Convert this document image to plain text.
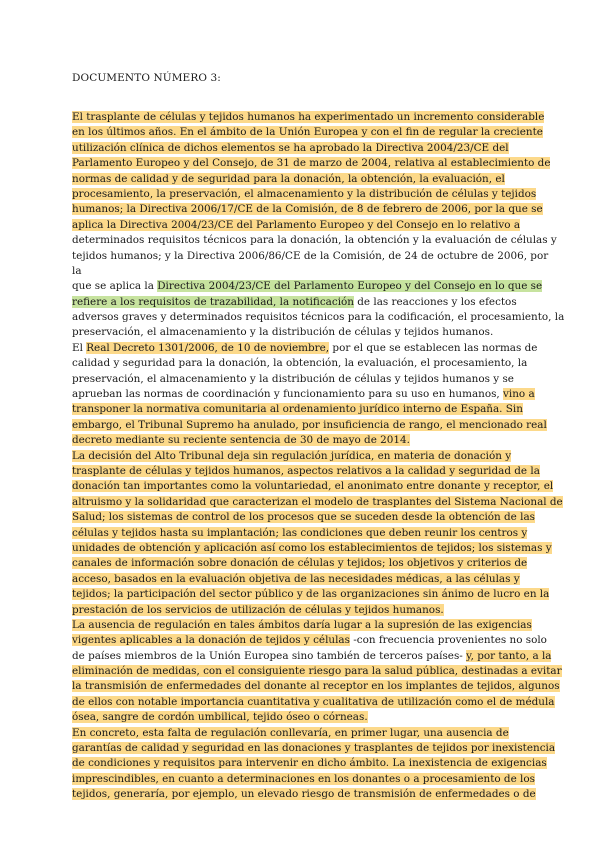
DOCUMENTO NÚMERO 3:
El trasplante de células y tejidos humanos ha experimentado un incremento considerable
en los últimos años. En el ámbito de la Unión Europea y con el fin de regular la creciente
utilización clínica de dichos elementos se ha aprobado la Directiva 2004/23/CE del
Parlamento Europeo y del Consejo, de 31 de marzo de 2004, relativa al establecimiento de
normas de calidad y de seguridad para la donación, la obtención, la evaluación, el
procesamiento, la preservación, el almacenamiento y la distribución de células y tejidos
humanos; la Directiva 2006/17/CE de la Comisión, de 8 de febrero de 2006, por la que se
aplica la Directiva 2004/23/CE del Parlamento Europeo y del Consejo en lo relativo a
determinados requisitos técnicos para la donación, la obtención y la evaluación de células y
tejidos humanos; y la Directiva 2006/86/CE de la Comisión, de 24 de octubre de 2006, por
la
que se aplica la Directiva 2004/23/CE del Parlamento Europeo y del Consejo en lo que se
refiere a los requisitos de trazabilidad, la notificación de las reacciones y los efectos
adversos graves y determinados requisitos técnicos para la codificación, el procesamiento, la
preservación, el almacenamiento y la distribución de células y tejidos humanos.
El Real Decreto 1301/2006, de 10 de noviembre, por el que se establecen las normas de
calidad y seguridad para la donación, la obtención, la evaluación, el procesamiento, la
preservación, el almacenamiento y la distribución de células y tejidos humanos y se
aprueban las normas de coordinación y funcionamiento para su uso en humanos, vino a
transponer la normativa comunitaria al ordenamiento jurídico interno de España. Sin
embargo, el Tribunal Supremo ha anulado, por insuficiencia de rango, el mencionado real
decreto mediante su reciente sentencia de 30 de mayo de 2014.
La decisión del Alto Tribunal deja sin regulación jurídica, en materia de donación y
trasplante de células y tejidos humanos, aspectos relativos a la calidad y seguridad de la
donación tan importantes como la voluntariedad, el anonimato entre donante y receptor, el
altruismo y la solidaridad que caracterizan el modelo de trasplantes del Sistema Nacional de
Salud; los sistemas de control de los procesos que se suceden desde la obtención de las
células y tejidos hasta su implantación; las condiciones que deben reunir los centros y
unidades de obtención y aplicación así como los establecimientos de tejidos; los sistemas y
canales de información sobre donación de células y tejidos; los objetivos y criterios de
acceso, basados en la evaluación objetiva de las necesidades médicas, a las células y
tejidos; la participación del sector público y de las organizaciones sin ánimo de lucro en la
prestación de los servicios de utilización de células y tejidos humanos.
La ausencia de regulación en tales ámbitos daría lugar a la supresión de las exigencias
vigentes aplicables a la donación de tejidos y células -con frecuencia provenientes no solo
de países miembros de la Unión Europea sino también de terceros países- y, por tanto, a la
eliminación de medidas, con el consiguiente riesgo para la salud pública, destinadas a evitar
la transmisión de enfermedades del donante al receptor en los implantes de tejidos, algunos
de ellos con notable importancia cuantitativa y cualitativa de utilización como el de médula
ósea, sangre de cordón umbilical, tejido óseo o córneas.
En concreto, esta falta de regulación conllevaría, en primer lugar, una ausencia de
garantías de calidad y seguridad en las donaciones y trasplantes de tejidos por inexistencia
de condiciones y requisitos para intervenir en dicho ámbito. La inexistencia de exigencias
imprescindibles, en cuanto a determinaciones en los donantes o a procesamiento de los
tejidos, generaría, por ejemplo, un elevado riesgo de transmisión de enfermedades o de
